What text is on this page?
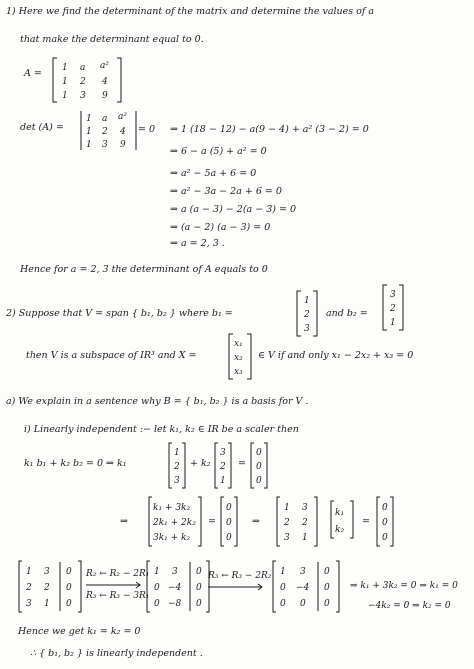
1) Here we find the determinant of the matrix and determine the values of a
that make the determinant equal to 0.
A = 1 a a²
1 2 4
1 3 9
det (A) =
1 a a²
1 2 4
1 3 9
= 0 ⇒ 1 (18 − 12) − a(9 − 4) + a² (3 − 2) = 0
⇒ 6 − a (5) + a² = 0
⇒ a² − 5a + 6 = 0
⇒ a² − 3a − 2a + 6 = 0
⇒ a (a − 3) − 2(a − 3) = 0
⇒ (a − 2) (a − 3) = 0
⇒ a = 2, 3 .
Hence for a = 2, 3 the determinant of A equals to 0
2) Suppose that V = span { b₁, b₂ } where b₁ =
1
2
3
and b₂ =
3
2
1
then V is a subspace of IR³ and X =
x₁
x₂
x₃
∈ V if and only x₁ − 2x₂ + x₃ = 0
a) We explain in a sentence why B = { b₁, b₂ } is a basis for V .
i) Linearly independent :− let k₁, k₂ ∈ IR be a scaler then
k₁ b₁ + k₂ b₂ = 0 ⇒ k₁
1
2
3
+ k₂
3
2
1
=
0
0
0
⇒
k₁ + 3k₂
2k₁ + 2k₂
3k₁ + k₂
=
0
0
0
⇒
1 3
2 2
3 1
k₁
k₂
=
0
0
0
1 3 0
2 2 0
3 1 0
R₂ ← R₂ − 2R₁
R₃ ← R₃ − 3R₁
1 3 0
0 −4 0
0 −8 0
R₃ ← R₃ − 2R₂ 1 3 0
0 −4 0
0 0 0
⇒ k₁ + 3k₂ = 0 ⇒ k₁ = 0
−4k₂ = 0 ⇒ k₂ = 0
Hence we get k₁ = k₂ = 0
∴ { b₁, b₂ } is linearly independent .
